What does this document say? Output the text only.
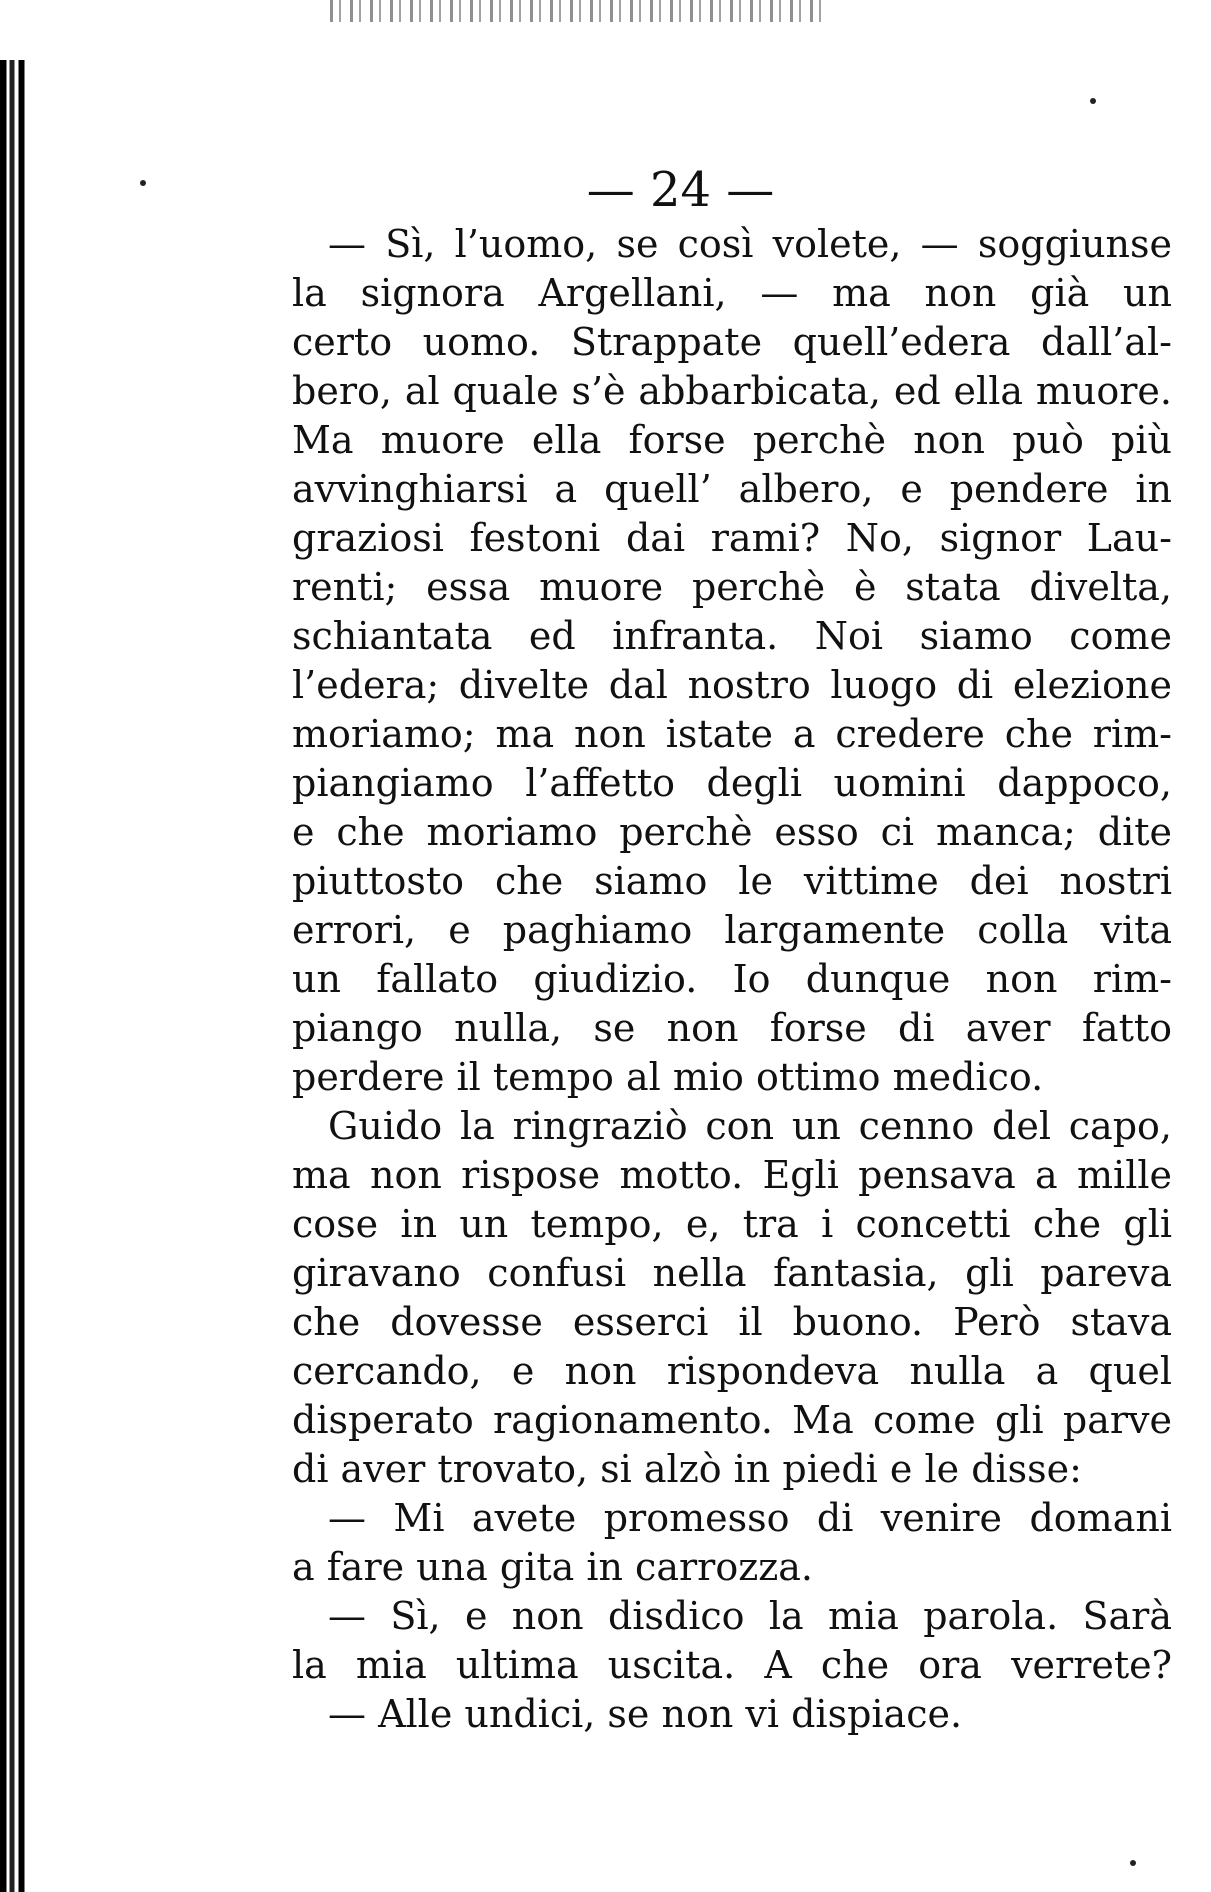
— 24 —
— Sì, l’uomo, se così volete, — soggiunse
la signora Argellani, — ma non già un
certo uomo. Strappate quell’edera dall’al-
bero, al quale s’è abbarbicata, ed ella muore.
Ma muore ella forse perchè non può più
avvinghiarsi a quell’ albero, e pendere in
graziosi festoni dai rami? No, signor Lau-
renti; essa muore perchè è stata divelta,
schiantata ed infranta. Noi siamo come
l’edera; divelte dal nostro luogo di elezione
moriamo; ma non istate a credere che rim-
piangiamo l’affetto degli uomini dappoco,
e che moriamo perchè esso ci manca; dite
piuttosto che siamo le vittime dei nostri
errori, e paghiamo largamente colla vita
un fallato giudizio. Io dunque non rim-
piango nulla, se non forse di aver fatto
perdere il tempo al mio ottimo medico.
Guido la ringraziò con un cenno del capo,
ma non rispose motto. Egli pensava a mille
cose in un tempo, e, tra i concetti che gli
giravano confusi nella fantasia, gli pareva
che dovesse esserci il buono. Però stava
cercando, e non rispondeva nulla a quel
disperato ragionamento. Ma come gli parve
di aver trovato, si alzò in piedi e le disse:
— Mi avete promesso di venire domani
a fare una gita in carrozza.
— Sì, e non disdico la mia parola. Sarà
la mia ultima uscita. A che ora verrete?
— Alle undici, se non vi dispiace.
